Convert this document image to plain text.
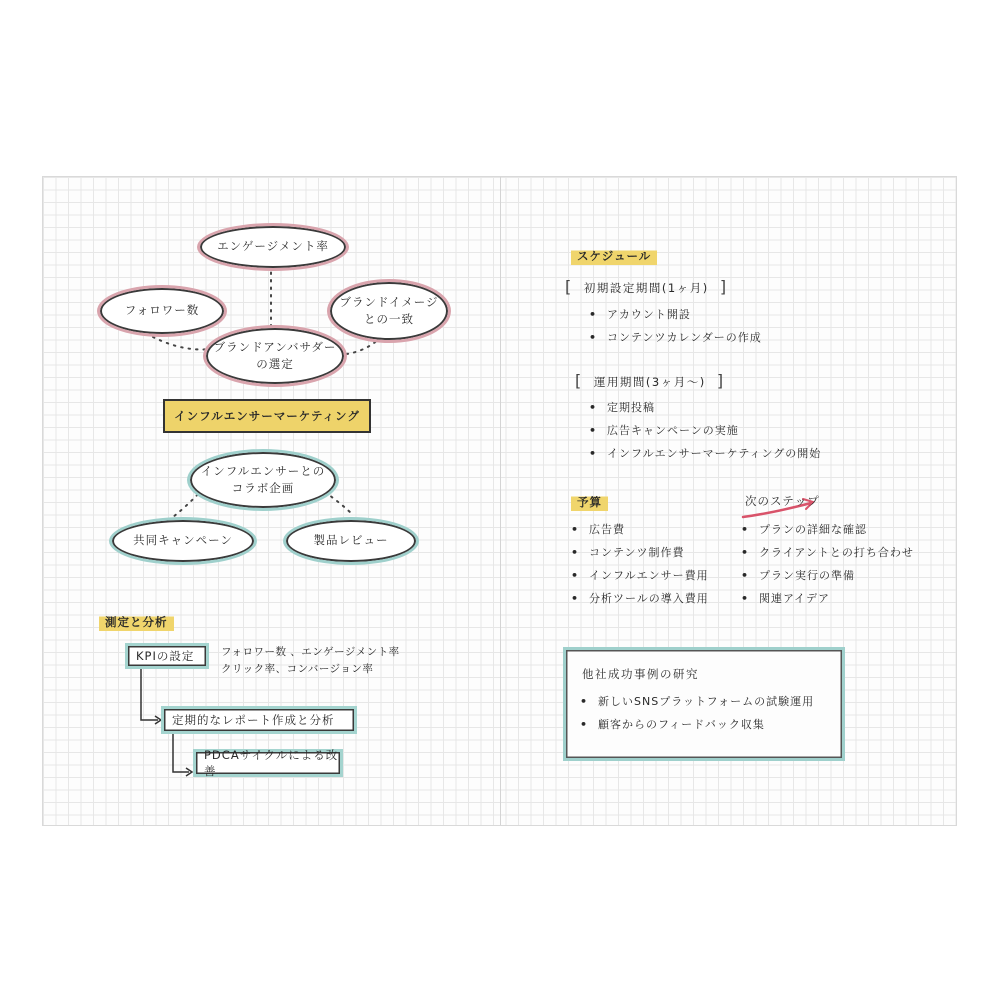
エンゲージメント率
フォロワー数
ブランドイメージ
との一致
ブランドアンバサダー
の選定
インフルエンサーマーケティング
インフルエンサーとの
コラボ企画
共同キャンペーン	製品レビュー
測定と分析
KPIの設定	フォロワー数 、エンゲージメント率
クリック率、コンバージョン率
定期的なレポート作成と分析
PDCAサイクルによる改善
スケジュール
[ 初期設定期間(1ヶ月) ]
• アカウント開設
• コンテンツカレンダーの作成
[ 運用期間(3ヶ月〜) ]
• 定期投稿
• 広告キャンペーンの実施
• インフルエンサーマーケティングの開始
予算
• 広告費
• コンテンツ制作費
• インフルエンサー費用
• 分析ツールの導入費用
次のステップ
• プランの詳細な確認
• クライアントとの打ち合わせ
• プラン実行の準備
• 関連アイデア
他社成功事例の研究
• 新しいSNSプラットフォームの試験運用
• 顧客からのフィードバック収集
